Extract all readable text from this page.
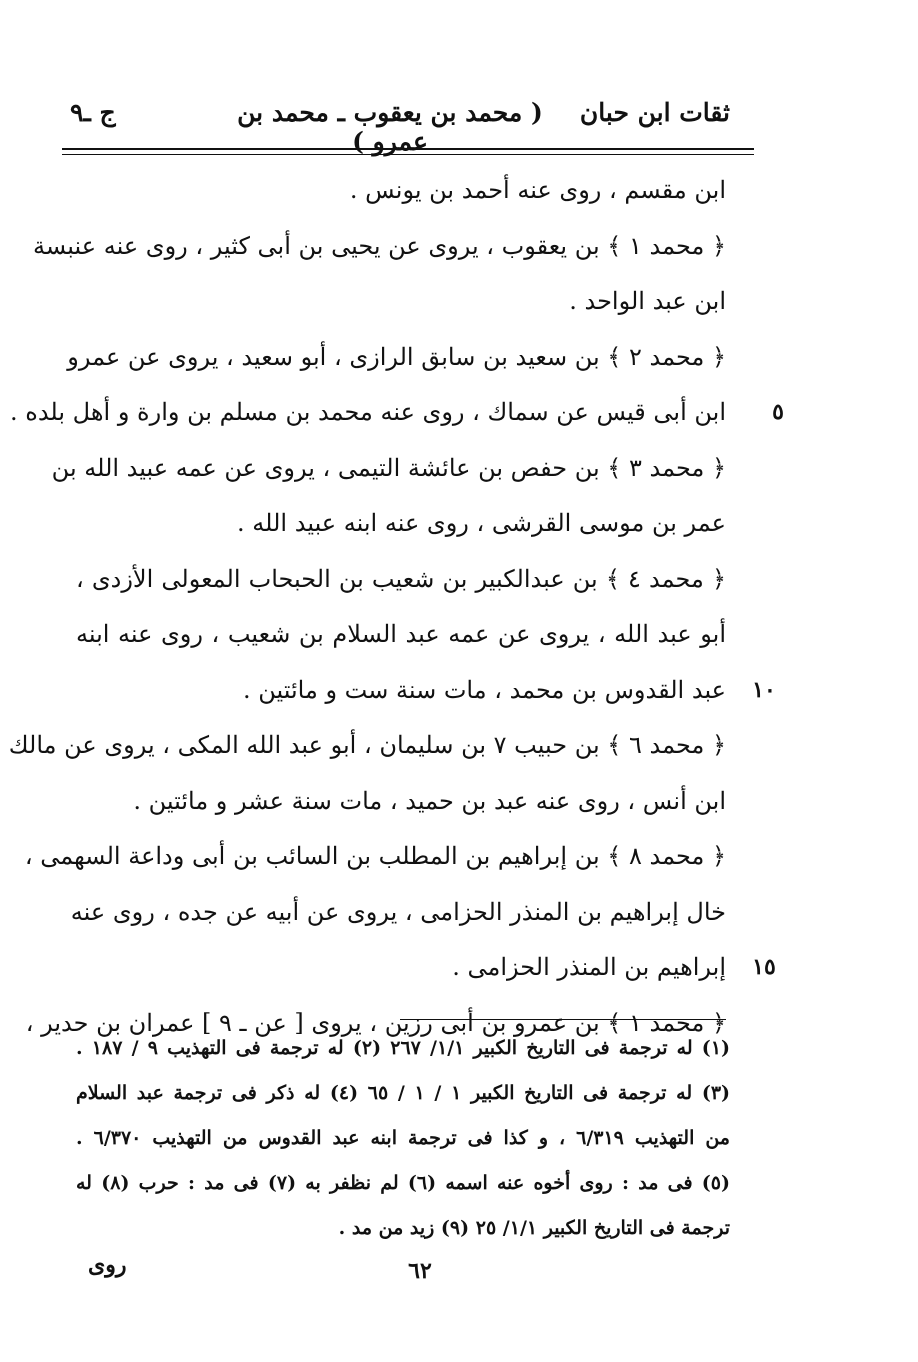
ثقات ابن حبان
( محمد بن يعقوب ـ محمد بن عمرو )
ج ـ٩
ابن مقسم ، روى عنه أحمد بن يونس .
﴿ محمد ١ ﴾ بن يعقوب ، يروى عن يحيى بن أبى كثير ، روى عنه عنبسة
ابن عبد الواحد .
﴿ محمد ٢ ﴾ بن سعيد بن سابق الرازى ، أبو سعيد ، يروى عن عمرو
٥
ابن أبى قيس عن سماك ، روى عنه محمد بن مسلم بن وارة و أهل بلده .
﴿ محمد ٣ ﴾ بن حفص بن عائشة التيمى ، يروى عن عمه عبيد الله بن
عمر بن موسى القرشى ، روى عنه ابنه عبيد الله .
﴿ محمد ٤ ﴾ بن عبدالكبير بن شعيب بن الحبحاب المعولى الأزدى ،
أبو عبد الله ، يروى عن عمه عبد السلام بن شعيب ، روى عنه ابنه
١٠
عبد القدوس بن محمد ، مات سنة ست و مائتين .
﴿ محمد ٦ ﴾ بن حبيب ٧ بن سليمان ، أبو عبد الله المكى ، يروى عن مالك
ابن أنس ، روى عنه عبد بن حميد ، مات سنة عشر و مائتين .
﴿ محمد ٨ ﴾ بن إبراهيم بن المطلب بن السائب بن أبى وداعة السهمى ،
خال إبراهيم بن المنذر الحزامى ، يروى عن أبيه عن جده ، روى عنه
١٥
إبراهيم بن المنذر الحزامى .
﴿ محمد ١ ﴾ بن عمرو بن أبى رزين ، يروى [ عن ـ ٩ ] عمران بن حدير ،
(١) له ترجمة فى التاريخ الكبير ١/١/ ٢٦٧ (٢) له ترجمة فى التهذيب ٩ / ١٨٧ .
(٣) له ترجمة فى التاريخ الكبير ١ / ١ / ٦٥ (٤) له ذكر فى ترجمة عبد السلام
من التهذيب ٦/٣١٩ ، و كذا فى ترجمة ابنه عبد القدوس من التهذيب ٦/٣٧٠ .
(٥) فى مد : روى أخوه عنه اسمه (٦) لم نظفر به (٧) فى مد : حرب (٨) له
ترجمة فى التاريخ الكبير ١/١/ ٢٥ (٩) زيد من مد .
روى	٦٢
